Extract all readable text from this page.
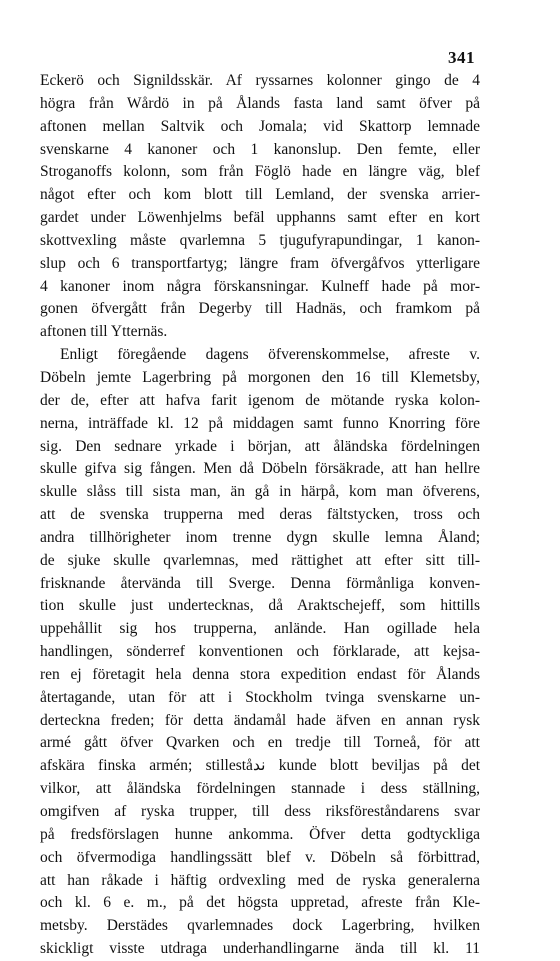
341
Eckerö och Signildsskär. Af ryssarnes kolonner gingo de 4
högra från Wårdö in på Ålands fasta land samt öfver på
aftonen mellan Saltvik och Jomala; vid Skattorp lemnade
svenskarne 4 kanoner och 1 kanonslup. Den femte, eller
Stroganoffs kolonn, som från Föglö hade en längre väg, blef
något efter och kom blott till Lemland, der svenska arrier-
gardet under Löwenhjelms befäl upphanns samt efter en kort
skottvexling måste qvarlemna 5 tjugufyrapundingar, 1 kanon-
slup och 6 transportfartyg; längre fram öfvergåfvos ytterligare
4 kanoner inom några förskansningar. Kulneff hade på mor-
gonen öfvergått från Degerby till Hadnäs, och framkom på
aftonen till Ytternäs.
Enligt föregående dagens öfverenskommelse, afreste v.
Döbeln jemte Lagerbring på morgonen den 16 till Klemetsby,
der de, efter att hafva farit igenom de mötande ryska kolon-
nerna, inträffade kl. 12 på middagen samt funno Knorring före
sig. Den sednare yrkade i början, att åländska fördelningen
skulle gifva sig fången. Men då Döbeln försäkrade, att han hellre
skulle slåss till sista man, än gå in härpå, kom man öfverens,
att de svenska trupperna med deras fältstycken, tross och
andra tillhörigheter inom trenne dygn skulle lemna Åland;
de sjuke skulle qvarlemnas, med rättighet att efter sitt till-
frisknande återvända till Sverge. Denna förmånliga konven-
tion skulle just undertecknas, då Araktschejeff, som hittills
uppehållit sig hos trupperna, anlände. Han ogillade hela
handlingen, sönderref konventionen och förklarade, att kejsa-
ren ej företagit hela denna stora expedition endast för Ålands
återtagande, utan för att i Stockholm tvinga svenskarne un-
derteckna freden; för detta ändamål hade äfven en annan rysk
armé gått öfver Qvarken och en tredje till Torneå, för att
afskära finska armén; stilleståند kunde blott beviljas på det
vilkor, att åländska fördelningen stannade i dess ställning,
omgifven af ryska trupper, till dess riksföreståndarens svar
på fredsförslagen hunne ankomma. Öfver detta godtyckliga
och öfvermodiga handlingssätt blef v. Döbeln så förbittrad,
att han råkade i häftig ordvexling med de ryska generalerna
och kl. 6 e. m., på det högsta uppretad, afreste från Kle-
metsby. Derstädes qvarlemnades dock Lagerbring, hvilken
skickligt visste utdraga underhandlingarne ända till kl. 11
